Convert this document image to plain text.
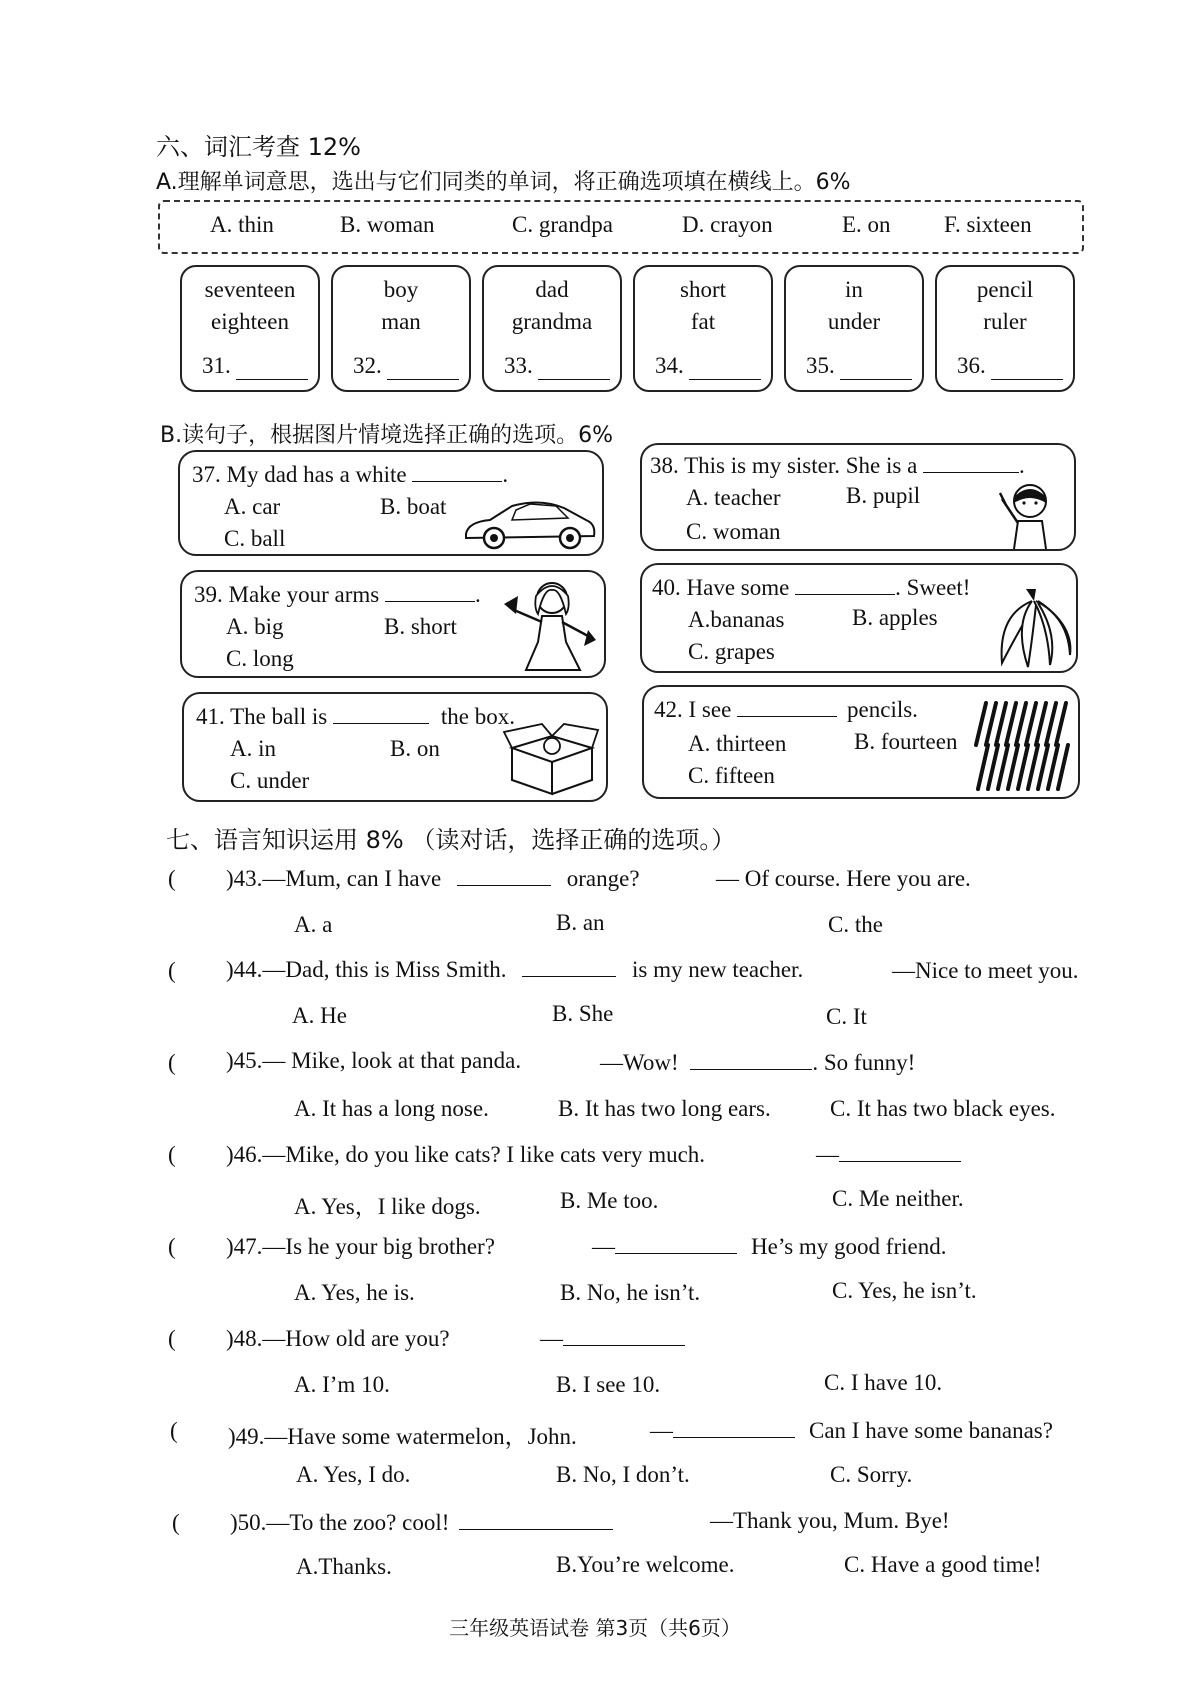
六、词汇考查 12%
A.理解单词意思，选出与它们同类的单词，将正确选项填在横线上。6%
A. thin	B. woman	C. grandpa	D. crayon	E. on F. sixteen
seventeen
eighteen
31.
boy
man
32.
dad
grandma
33.
short
fat
34.
in
under
35.
pencil
ruler
36.
B.读句子，根据图片情境选择正确的选项。6%
37. My dad has a white	.
A. car	B. boat
C. ball
38. This is my sister. She is a	.
A. teacher	B. pupil
C. woman
39. Make your arms	.
A. big	B. short
C. long
40. Have some	. Sweet!
A.bananas	B. apples
C. grapes
41. The ball is	the box.
A. in	B. on
C. under
42. I see	pencils.
A. thirteen	B. fourteen
C. fifteen
七、语言知识运用 8% （读对话，选择正确的选项。）
( )43.—Mum, can I have	orange?	— Of course. Here you are.
A. a	B. an	C. the
( )44.—Dad, this is Miss Smith.	is my new teacher.	—Nice to meet you.
A. He	B. She	C. It
( )45.— Mike, look at that panda.	—Wow!	. So funny!
A. It has a long nose.	B. It has two long ears.	C. It has two black eyes.
( )46.—Mike, do you like cats? I like cats very much.	—
A. Yes，I like dogs.	B. Me too.	C. Me neither.
( )47.—Is he your big brother?	—	He’s my good friend.
A. Yes, he is.	B. No, he isn’t.	C. Yes, he isn’t.
( )48.—How old are you?	—
A. I’m 10.	B. I see 10.	C. I have 10.
( )49.—Have some watermelon，John.	—	Can I have some bananas?
A. Yes, I do.	B. No, I don’t.	C. Sorry.
( )50.—To the zoo? cool!	—Thank you, Mum. Bye!
A.Thanks.	B.You’re welcome.	C. Have a good time!
三年级英语试卷 第3页（共6页）
